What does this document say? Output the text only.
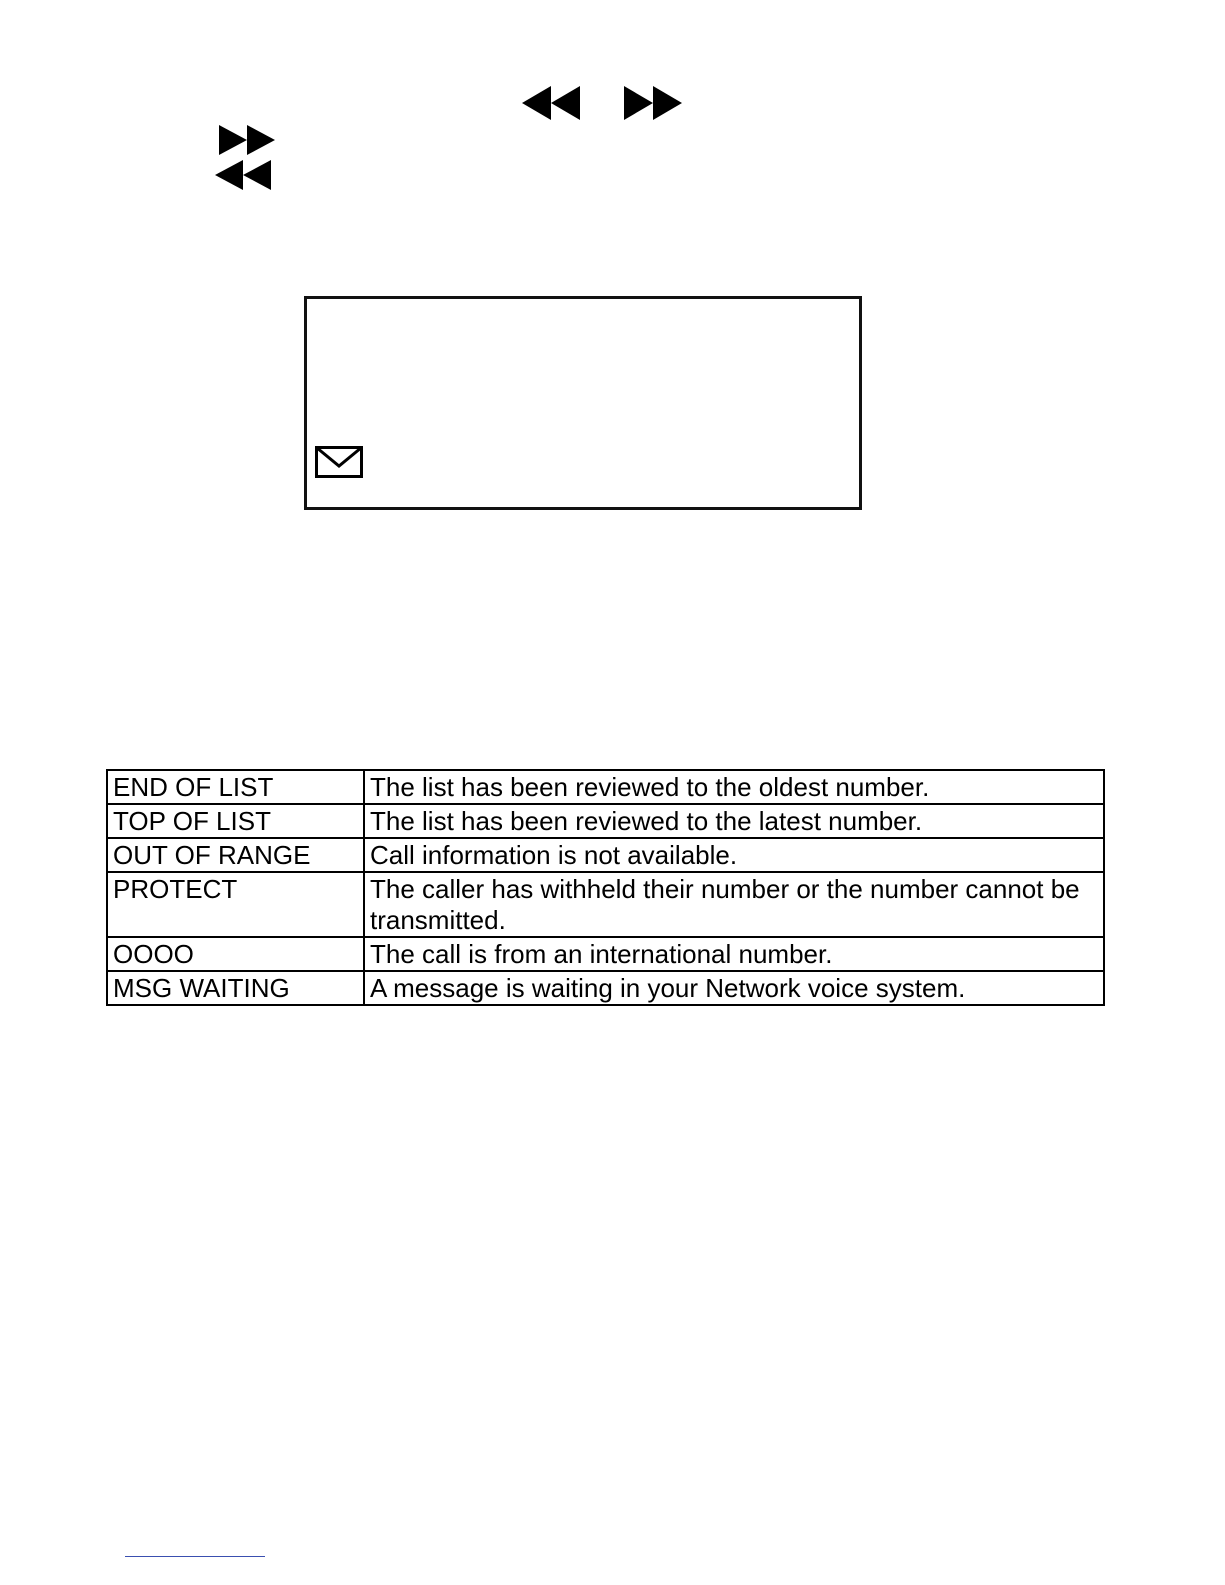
END OF LIST	The list has been reviewed to the oldest number.
TOP OF LIST	The list has been reviewed to the latest number.
OUT OF RANGE	Call information is not available.
PROTECT	The caller has withheld their number or the number cannot be transmitted.
OOOO	The call is from an international number.
MSG WAITING	A message is waiting in your Network voice system.
